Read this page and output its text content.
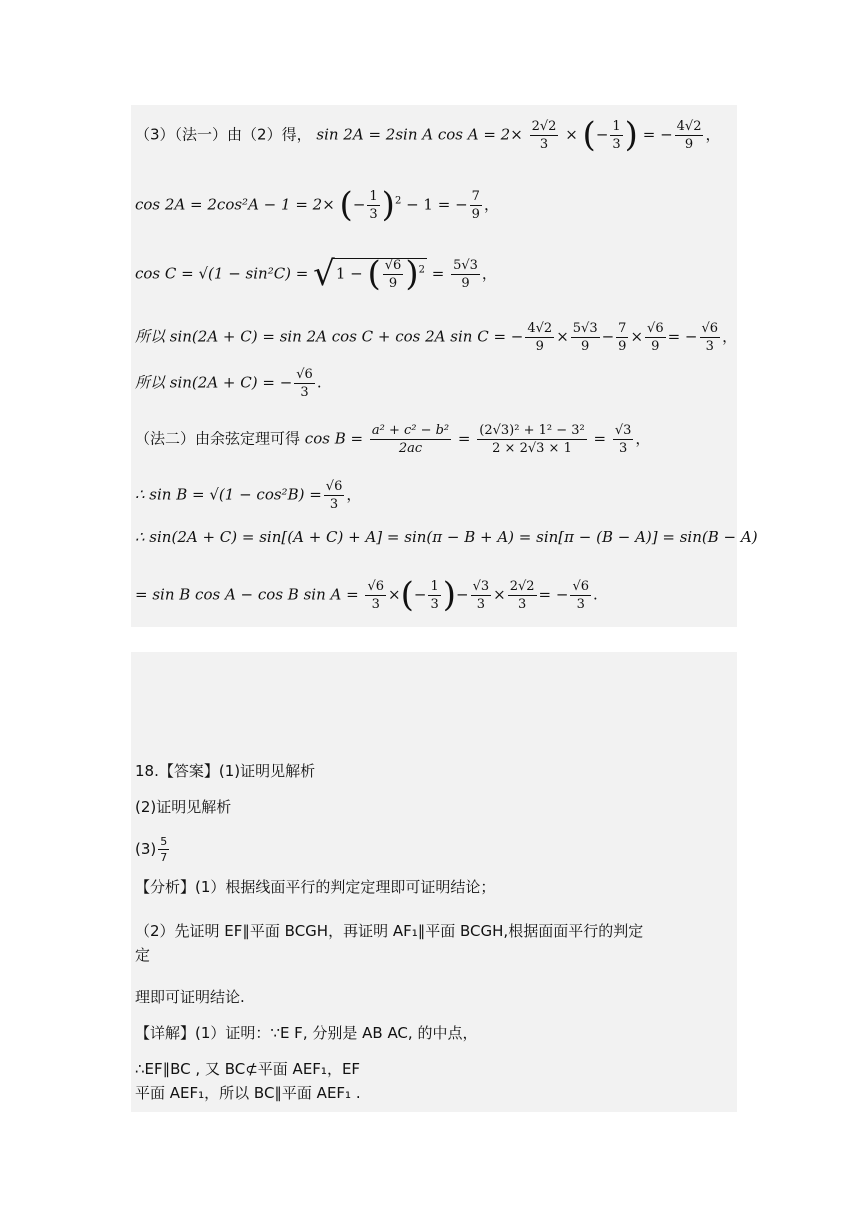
（3）（法一）由（2）得， sin 2A = 2sin A $\cos A = 2\times \frac{2√2}{3}$ × (− $\frac{1}{3}$ ) = − $\frac{4√2}{9}$ ，
cos 2A = 2cos²A − 1 = 2× (− $\frac{1}{3} )^2 - 1$ = − $\frac{7}{9}$ ，
cos C = √(1 − sin²C) = √1 − ( $\frac{√6}{9} )^2 = \frac{5√3}{9}$ ，
所以 sin(2A + C) = sin 2A cos C + cos 2A sin C = − $\frac{4√2}{9} \times \frac{5√3}{9} - \frac{7}{9} \times \frac{√6}{9}$ = − $\frac{√6}{3}$ ，
所以 sin(2A + C) = − $\frac{√6}{3}$ .
（法二）由余弦定理可得 $\cos B = \frac{\text{a² + c² − b²}}{2ac} = \frac{\text{(2√3)² + 1² − 3²}}{2 \times 2√3 \times 1} = \frac{√3}{3}$ ，
∴ $\sin B = √(1 - \cos^2B) = \frac{√6}{3}$ ，
∴ sin(2A + C) = sin[(A + C) + A] = sin(π − B + A) = sin[π − (B − A)] = sin(B − A)
= sin B cos A − cos B $\sin A = \frac{√6}{3}$ ×(− $\frac{1}{3}$ )− $\frac{√3}{3} \times \frac{2√2}{3}$ = − $\frac{√6}{3}$ .
18.【答案】(1)证明见解析
(2)证明见解析
$(3) \frac{5}{7}$
【分析】(1）根据线面平行的判定定理即可证明结论；
（2）先证明 EF∥平面 BCGH，再证明 AF₁∥平面 BCGH,根据面面平行的判定
定
理即可证明结论.
【详解】(1）证明：∵E F, 分别是 AB AC, 的中点，
∴EF∥BC , 又 BC⊄平面 AEF₁，EF
平面 AEF₁，所以 BC∥平面 AEF₁ .
